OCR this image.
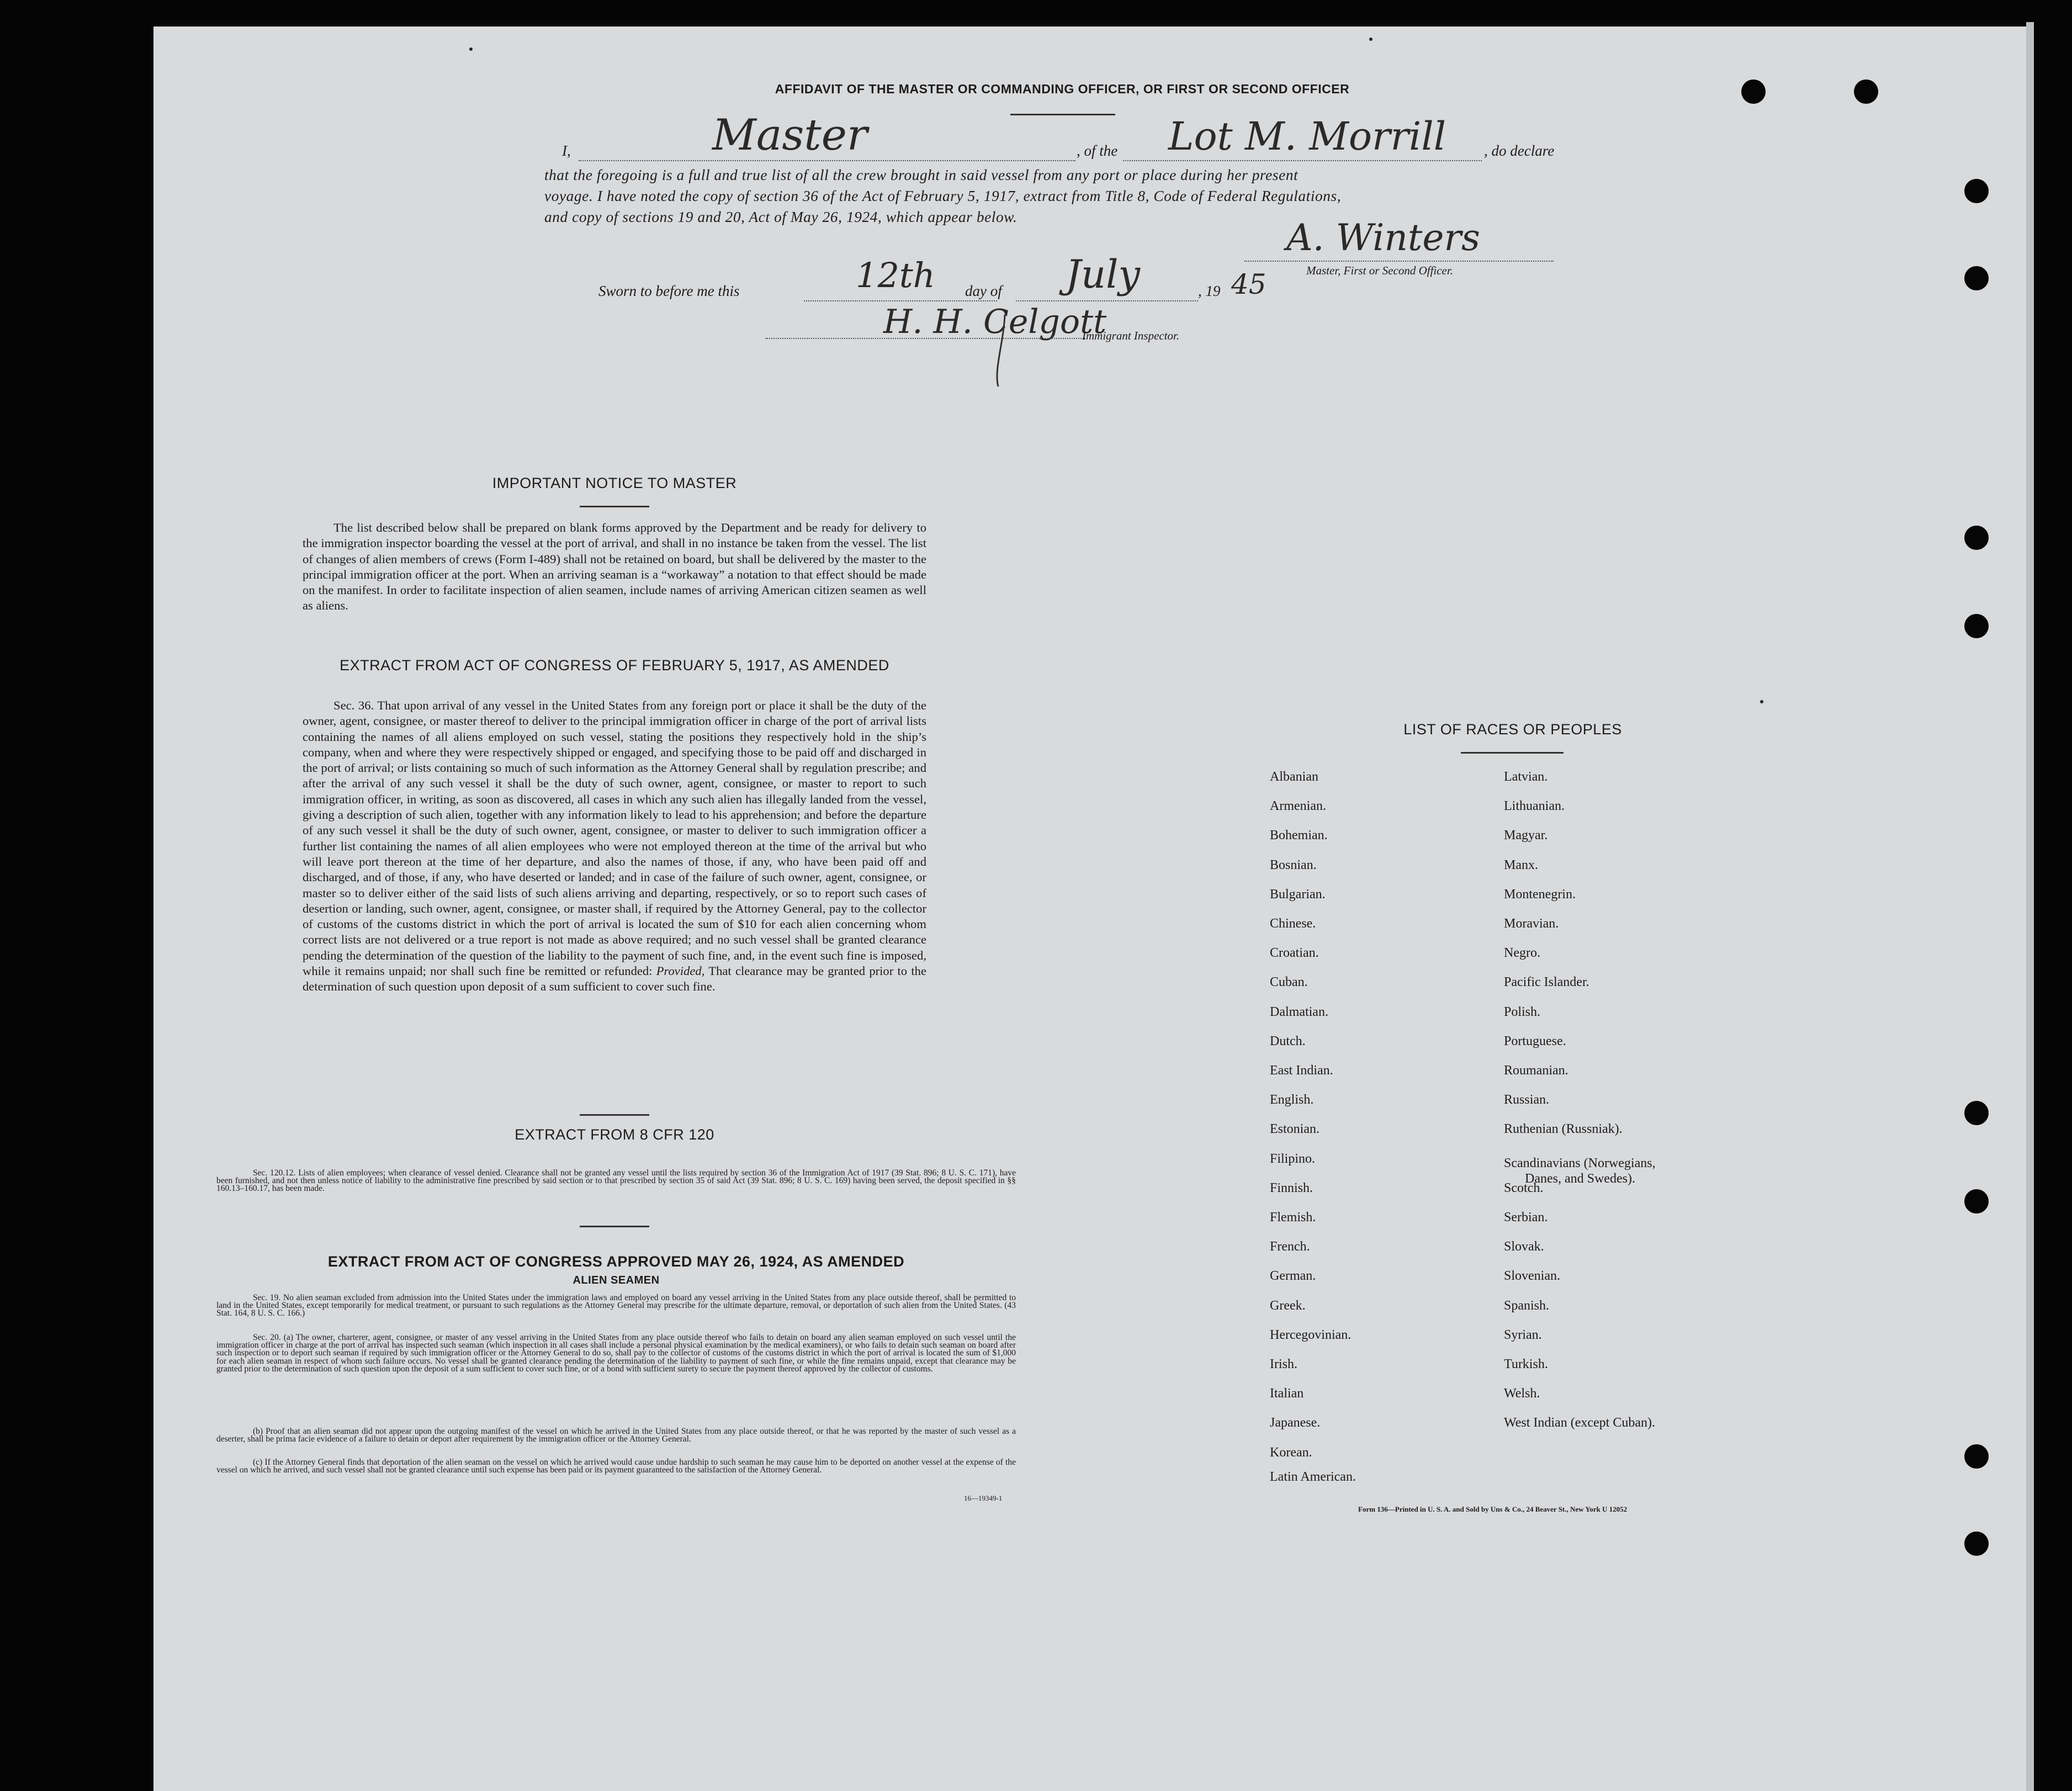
AFFIDAVIT OF THE MASTER OR COMMANDING OFFICER, OR FIRST OR SECOND OFFICER
I,	Master	, of the Lot M. Morrill	, do declare
that the foregoing is a full and true list of all the crew brought in said vessel from any port or place during her present
voyage. I have noted the copy of section 36 of the Act of February 5, 1917, extract from Title 8, Code of Federal Regulations,
and copy of sections 19 and 20, Act of May 26, 1924, which appear below.	A. Winters
Master, First or Second Officer.
Sworn to before me this	12th day of July	, 19 45
H. H. Celgott
Immigrant Inspector.
IMPORTANT NOTICE TO MASTER
The list described below shall be prepared on blank forms approved by the Department and be ready for delivery to the immigration inspector boarding the vessel at the port of arrival, and shall in no instance be taken from the vessel. The list of changes of alien members of crews (Form I-489) shall not be retained on board, but shall be delivered by the master to the principal immigration officer at the port. When an arriving seaman is a “workaway” a notation to that effect should be made on the manifest. In order to facilitate inspection of alien seamen, include names of arriving American citizen seamen as well as aliens.
EXTRACT FROM ACT OF CONGRESS OF FEBRUARY 5, 1917, AS AMENDED
Sec. 36. That upon arrival of any vessel in the United States from any foreign port or place it shall be the duty of the owner, agent, consignee, or master thereof to deliver to the principal immigration officer in charge of the port of arrival lists containing the names of all aliens employed on such vessel, stating the positions they respectively hold in the ship’s company, when and where they were respectively shipped or engaged, and specifying those to be paid off and discharged in the port of arrival; or lists containing so much of such information as the Attorney General shall by regulation prescribe; and after the arrival of any such vessel it shall be the duty of such owner, agent, consignee, or master to report to such immigration officer, in writing, as soon as discovered, all cases in which any such alien has illegally landed from the vessel, giving a description of such alien, together with any information likely to lead to his apprehension; and before the departure of any such vessel it shall be the duty of such owner, agent, consignee, or master to deliver to such immigration officer a further list containing the names of all alien employees who were not employed thereon at the time of the arrival but who will leave port thereon at the time of her departure, and also the names of those, if any, who have been paid off and discharged, and of those, if any, who have deserted or landed; and in case of the failure of such owner, agent, consignee, or master so to deliver either of the said lists of such aliens arriving and departing, respectively, or so to report such cases of desertion or landing, such owner, agent, consignee, or master shall, if required by the Attorney General, pay to the collector of customs of the customs district in which the port of arrival is located the sum of $10 for each alien concerning whom correct lists are not delivered or a true report is not made as above required; and no such vessel shall be granted clearance pending the determination of the question of the liability to the payment of such fine, and, in the event such fine is imposed, while it remains unpaid; nor shall such fine be remitted or refunded: Provided, That clearance may be granted prior to the determination of such question upon deposit of a sum sufficient to cover such fine.
EXTRACT FROM 8 CFR 120
Sec. 120.12. Lists of alien employees; when clearance of vessel denied. Clearance shall not be granted any vessel until the lists required by section 36 of the Immigration Act of 1917 (39 Stat. 896; 8 U. S. C. 171), have been furnished, and not then unless notice of liability to the administrative fine prescribed by said section or to that prescribed by section 35 of said Act (39 Stat. 896; 8 U. S. C. 169) having been served, the deposit specified in §§ 160.13–160.17, has been made.
EXTRACT FROM ACT OF CONGRESS APPROVED MAY 26, 1924, AS AMENDED
ALIEN SEAMEN
Sec. 19. No alien seaman excluded from admission into the United States under the immigration laws and employed on board any vessel arriving in the United States from any place outside thereof, shall be permitted to land in the United States, except temporarily for medical treatment, or pursuant to such regulations as the Attorney General may prescribe for the ultimate departure, removal, or deportation of such alien from the United States. (43 Stat. 164, 8 U. S. C. 166.)
Sec. 20. (a) The owner, charterer, agent, consignee, or master of any vessel arriving in the United States from any place outside thereof who fails to detain on board any alien seaman employed on such vessel until the immigration officer in charge at the port of arrival has inspected such seaman (which inspection in all cases shall include a personal physical examination by the medical examiners), or who fails to detain such seaman on board after such inspection or to deport such seaman if required by such immigration officer or the Attorney General to do so, shall pay to the collector of customs of the customs district in which the port of arrival is located the sum of $1,000 for each alien seaman in respect of whom such failure occurs. No vessel shall be granted clearance pending the determination of the liability to payment of such fine, or while the fine remains unpaid, except that clearance may be granted prior to the determination of such question upon the deposit of a sum sufficient to cover such fine, or of a bond with sufficient surety to secure the payment thereof approved by the collector of customs.
(b) Proof that an alien seaman did not appear upon the outgoing manifest of the vessel on which he arrived in the United States from any place outside thereof, or that he was reported by the master of such vessel as a deserter, shall be prima facie evidence of a failure to detain or deport after requirement by the immigration officer or the Attorney General.
(c) If the Attorney General finds that deportation of the alien seaman on the vessel on which he arrived would cause undue hardship to such seaman he may cause him to be deported on another vessel at the expense of the vessel on which he arrived, and such vessel shall not be granted clearance until such expense has been paid or its payment guaranteed to the satisfaction of the Attorney General.
16—19349-1
LIST OF RACES OR PEOPLES
Albanian
Armenian.
Bohemian.
Bosnian.
Bulgarian.
Chinese.
Croatian.
Cuban.
Dalmatian.
Dutch.
East Indian.
English.
Estonian.
Filipino.
Finnish.
Flemish.
French.
German.
Greek.
Hercegovinian.
Irish.
Italian
Japanese.
Korean.
Latin American.
Latvian.
Lithuanian.
Magyar.
Manx.
Montenegrin.
Moravian.
Negro.
Pacific Islander.
Polish.
Portuguese.
Roumanian.
Russian.
Ruthenian (Russniak).
Scandinavians (Norwegians,
Danes, and Swedes).
Scotch.
Serbian.
Slovak.
Slovenian.
Spanish.
Syrian.
Turkish.
Welsh.
West Indian (except Cuban).
Form 136—Printed in U. S. A. and Sold by Uns & Co., 24 Beaver St., New York U 12052
